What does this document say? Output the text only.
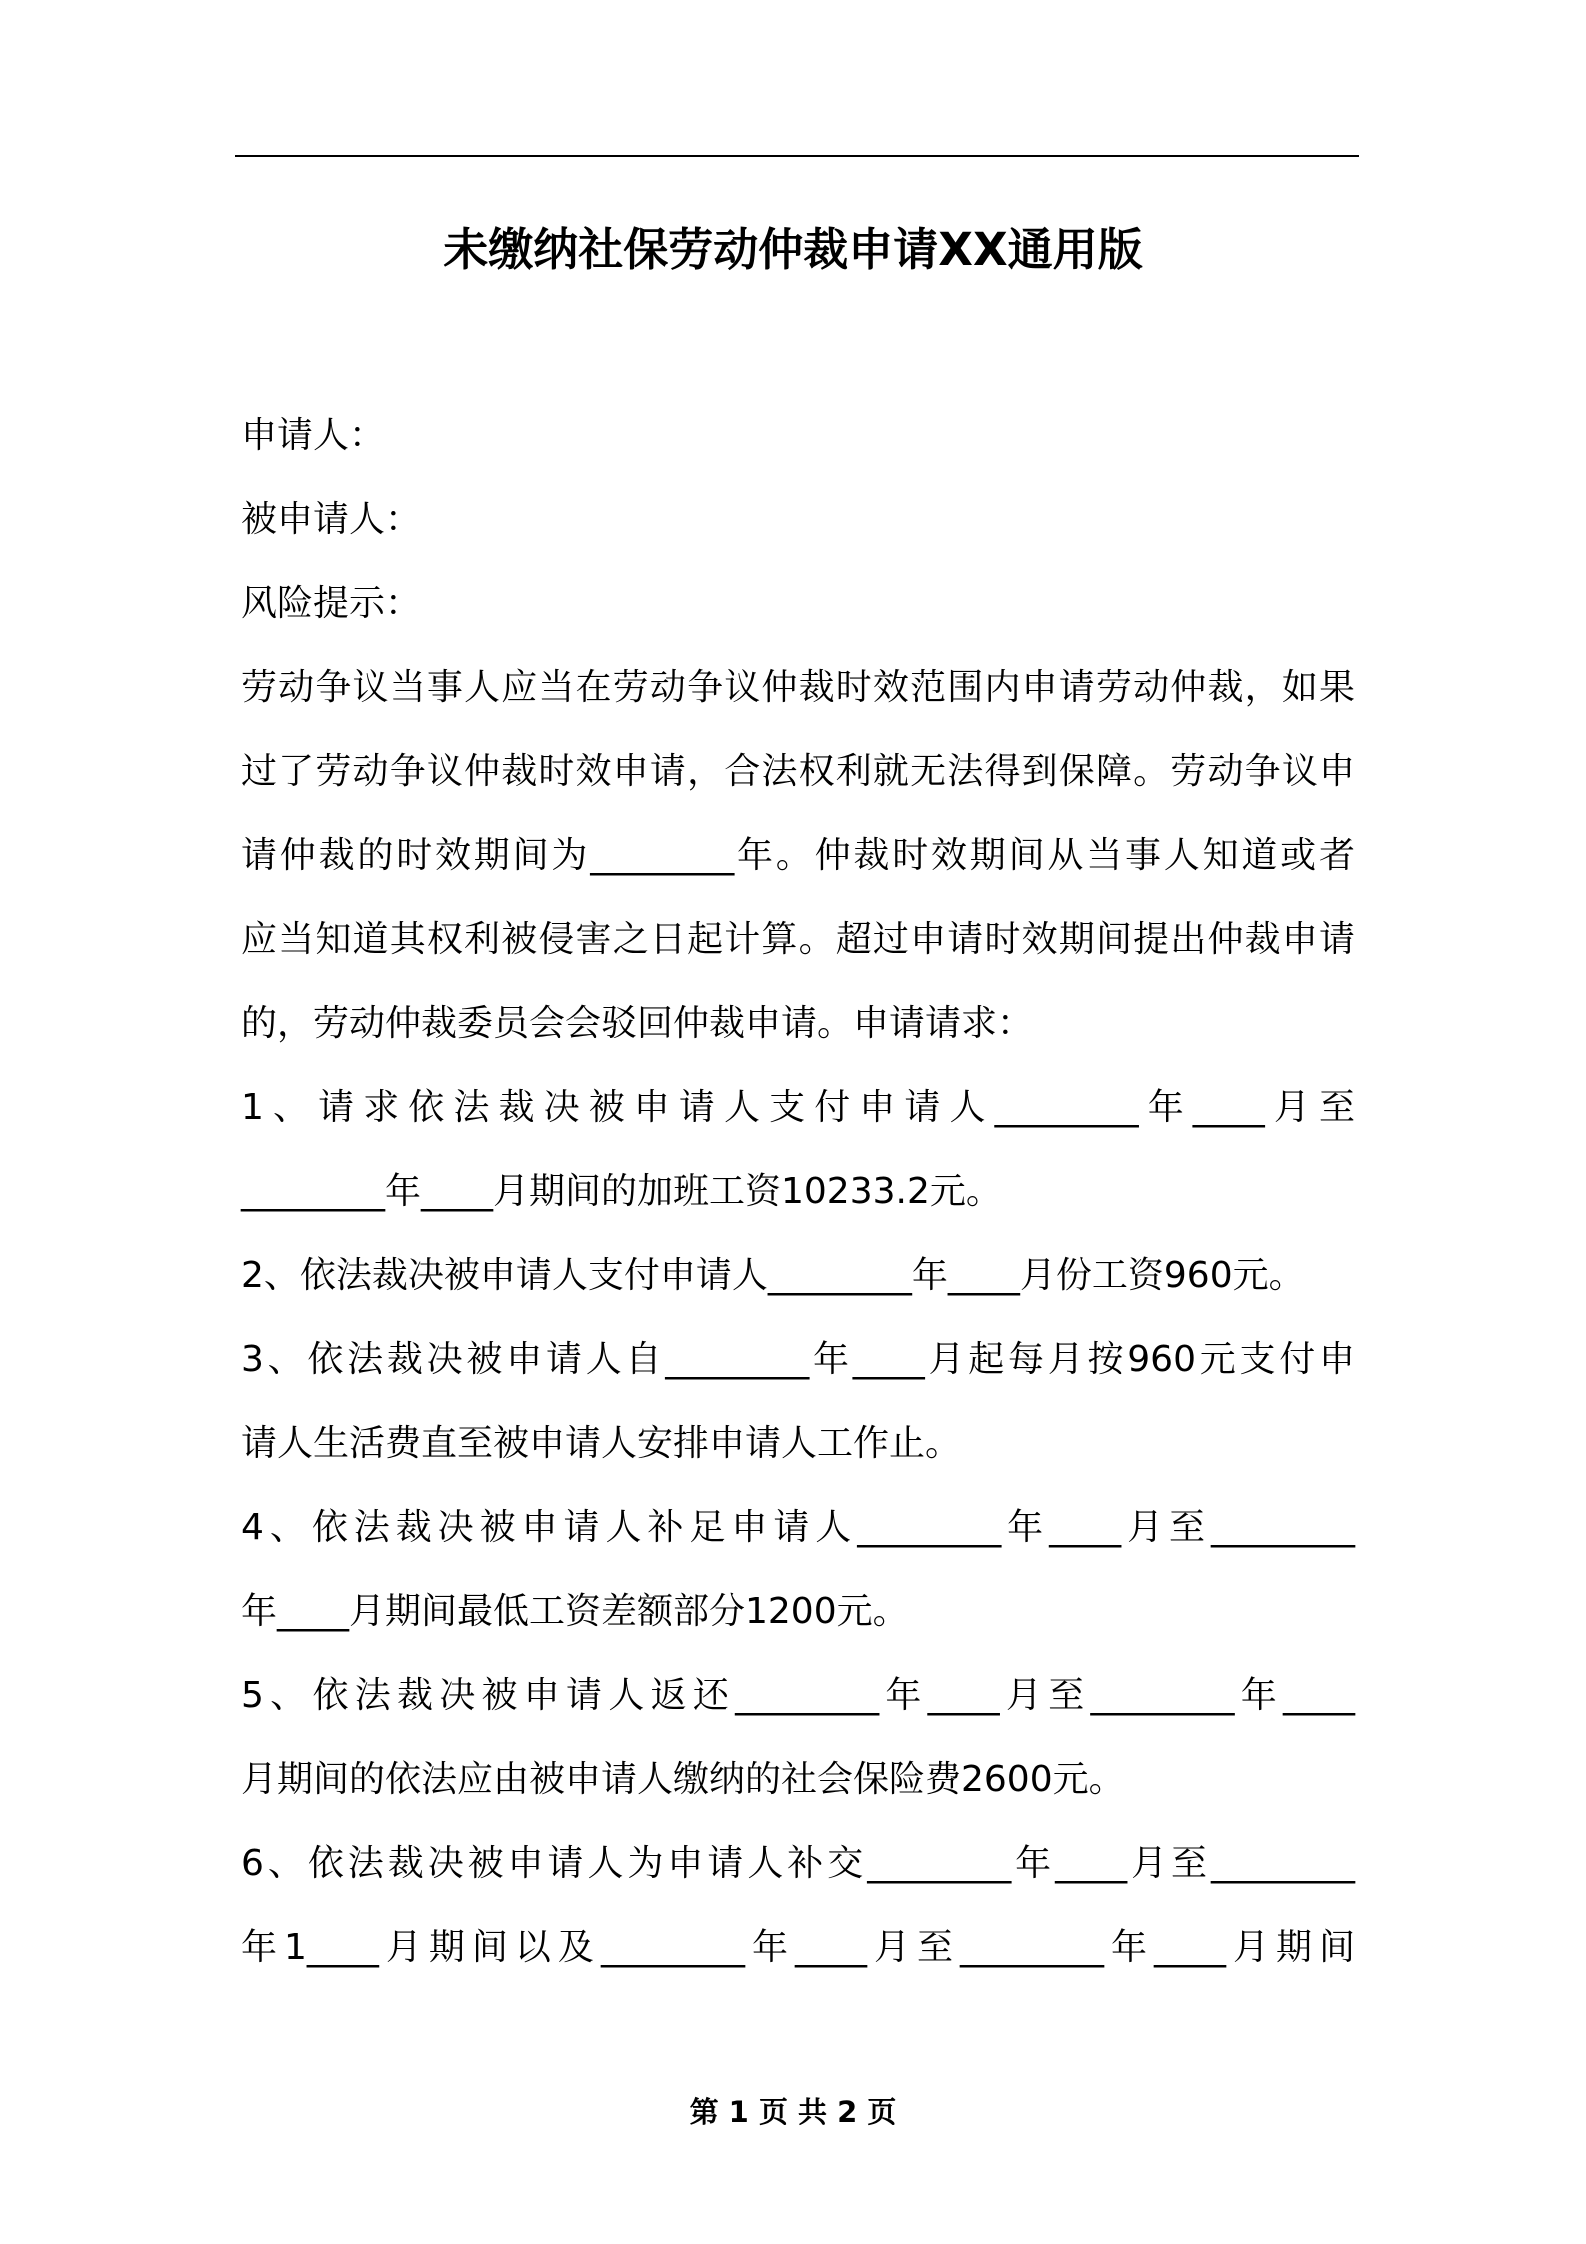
未缴纳社保劳动仲裁申请XX通用版
申请人：
被申请人：
风险提示：
劳动争议当事人应当在劳动争议仲裁时效范围内申请劳动仲裁，如果
过了劳动争议仲裁时效申请，合法权利就无法得到保障。劳动争议申
请仲裁的时效期间为________年。仲裁时效期间从当事人知道或者
应当知道其权利被侵害之日起计算。超过申请时效期间提出仲裁申请
的，劳动仲裁委员会会驳回仲裁申请。申请请求：
1、请求依法裁决被申请人支付申请人________年____月至
________年____月期间的加班工资10233.2元。
2、依法裁决被申请人支付申请人________年____月份工资960元。
3、依法裁决被申请人自________年____月起每月按960元支付申
请人生活费直至被申请人安排申请人工作止。
4、依法裁决被申请人补足申请人________年____月至________
年____月期间最低工资差额部分1200元。
5、依法裁决被申请人返还________年____月至________年____
月期间的依法应由被申请人缴纳的社会保险费2600元。
6、依法裁决被申请人为申请人补交________年____月至________
年1____月期间以及________年____月至________年____月期间
第 1 页 共 2 页
